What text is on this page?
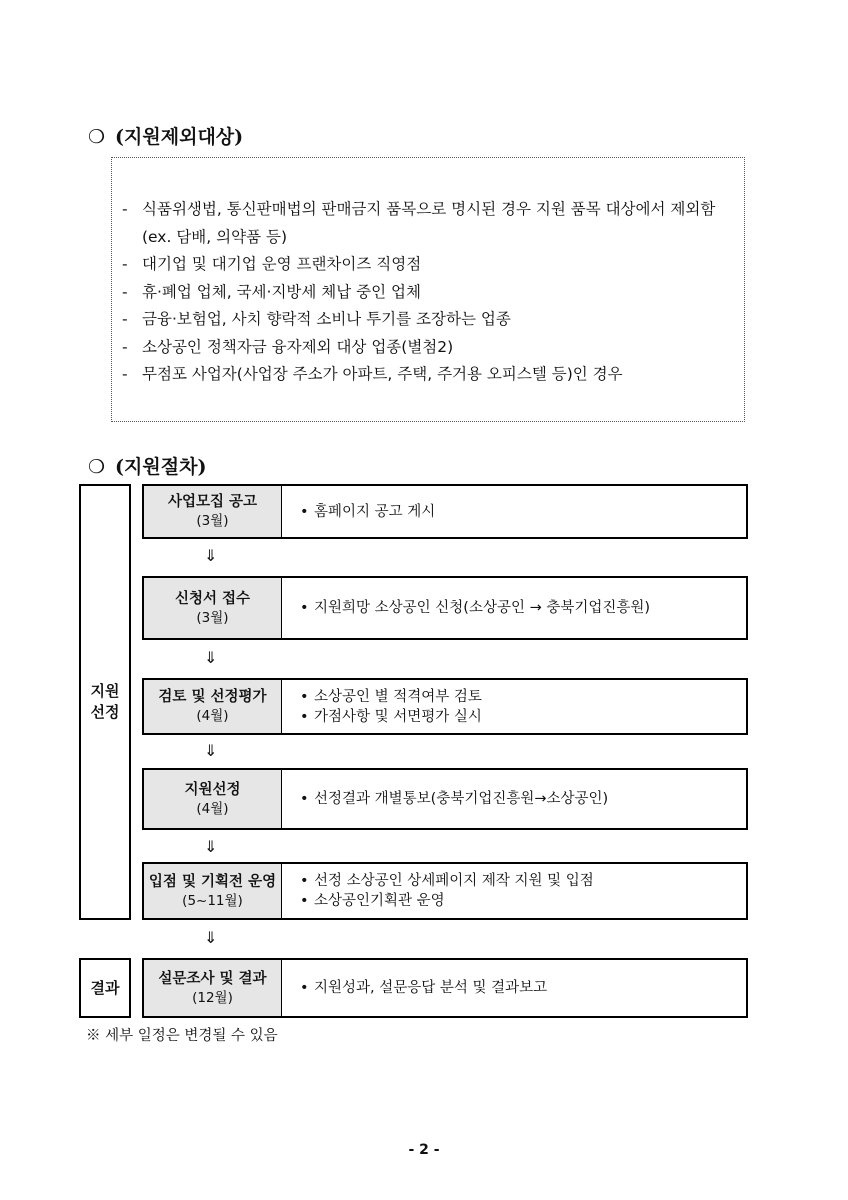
❍ (지원제외대상)
- 식품위생법, 통신판매법의 판매금지 품목으로 명시된 경우 지원 품목 대상에서 제외함(ex. 담배, 의약품 등)
- 대기업 및 대기업 운영 프랜차이즈 직영점
- 휴·폐업 업체, 국세·지방세 체납 중인 업체
- 금융·보험업, 사치 향락적 소비나 투기를 조장하는 업종
- 소상공인 정책자금 융자제외 대상 업종(별첨2)
- 무점포 사업자(사업장 주소가 아파트, 주택, 주거용 오피스텔 등)인 경우
❍ (지원절차)
지원
선정
결과
사업모집 공고
(3월)
• 홈페이지 공고 게시
⇓
신청서 접수
(3월)
• 지원희망 소상공인 신청(소상공인 → 충북기업진흥원)
⇓
검토 및 선정평가
(4월)
• 소상공인 별 적격여부 검토
• 가점사항 및 서면평가 실시
⇓
지원선정
(4월)
• 선정결과 개별통보(충북기업진흥원→소상공인)
⇓
입점 및 기획전 운영
(5~11월)
• 선정 소상공인 상세페이지 제작 지원 및 입점
• 소상공인기획관 운영
⇓
설문조사 및 결과
(12월)
• 지원성과, 설문응답 분석 및 결과보고
※ 세부 일정은 변경될 수 있음
- 2 -
